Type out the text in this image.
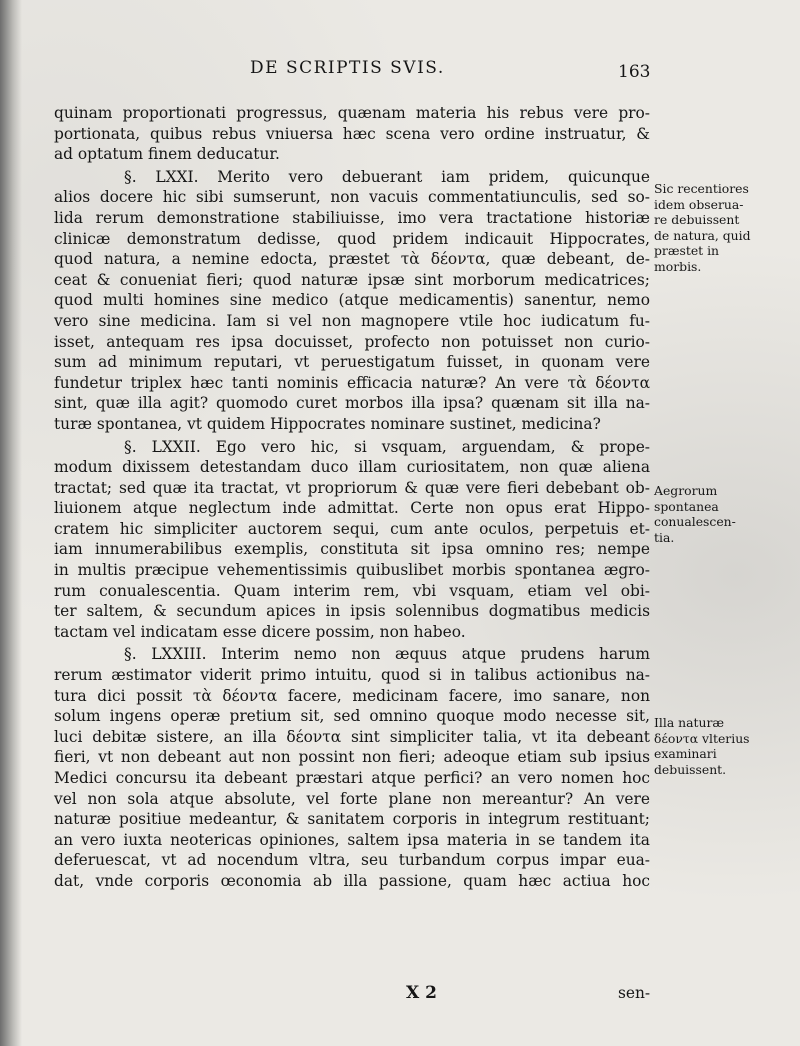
DE SCRIPTIS SVIS.	163
quinam proportionati progressus, quænam materia his rebus vere pro-
portionata, quibus rebus vniuersa hæc scena vero ordine instruatur, &
ad optatum finem deducatur.
§. LXXI. Merito vero debuerant iam pridem, quicunque
alios docere hic sibi sumserunt, non vacuis commentatiunculis, sed so-
lida rerum demonstratione stabiliuisse, imo vera tractatione historiæ
clinicæ demonstratum dedisse, quod pridem indicauit Hippocrates,
quod natura, a nemine edocta, præstet τὰ δέοντα, quæ debeant, de-
ceat & conueniat fieri; quod naturæ ipsæ sint morborum medicatrices;
quod multi homines sine medico (atque medicamentis) sanentur, nemo
vero sine medicina. Iam si vel non magnopere vtile hoc iudicatum fu-
isset, antequam res ipsa docuisset, profecto non potuisset non curio-
sum ad minimum reputari, vt peruestigatum fuisset, in quonam vere
fundetur triplex hæc tanti nominis efficacia naturæ? An vere τὰ δέοντα
sint, quæ illa agit? quomodo curet morbos illa ipsa? quænam sit illa na-
turæ spontanea, vt quidem Hippocrates nominare sustinet, medicina?
§. LXXII. Ego vero hic, si vsquam, arguendam, & prope-
modum dixissem detestandam duco illam curiositatem, non quæ aliena
tractat; sed quæ ita tractat, vt propriorum & quæ vere fieri debebant ob-
liuionem atque neglectum inde admittat. Certe non opus erat Hippo-
cratem hic simpliciter auctorem sequi, cum ante oculos, perpetuis et-
iam innumerabilibus exemplis, constituta sit ipsa omnino res; nempe
in multis præcipue vehementissimis quibuslibet morbis spontanea ægro-
rum conualescentia. Quam interim rem, vbi vsquam, etiam vel obi-
ter saltem, & secundum apices in ipsis solennibus dogmatibus medicis
tactam vel indicatam esse dicere possim, non habeo.
§. LXXIII. Interim nemo non æquus atque prudens harum
rerum æstimator viderit primo intuitu, quod si in talibus actionibus na-
tura dici possit τὰ δέοντα facere, medicinam facere, imo sanare, non
solum ingens operæ pretium sit, sed omnino quoque modo necesse sit,
luci debitæ sistere, an illa δέοντα sint simpliciter talia, vt ita debeant
fieri, vt non debeant aut non possint non fieri; adeoque etiam sub ipsius
Medici concursu ita debeant præstari atque perfici? an vero nomen hoc
vel non sola atque absolute, vel forte plane non mereantur? An vere
naturæ positiue medeantur, & sanitatem corporis in integrum restituant;
an vero iuxta neotericas opiniones, saltem ipsa materia in se tandem ita
deferuescat, vt ad nocendum vltra, seu turbandum corpus impar eua-
dat, vnde corporis œconomia ab illa passione, quam hæc actiua hoc
Sic recentiores
idem obserua-
re debuissent
de natura, quid
præstet in
morbis.
Aegrorum
spontanea
conualescen-
tia.
Illa naturæ
δέοντα vlterius
examinari
debuissent.
X 2	sen-
